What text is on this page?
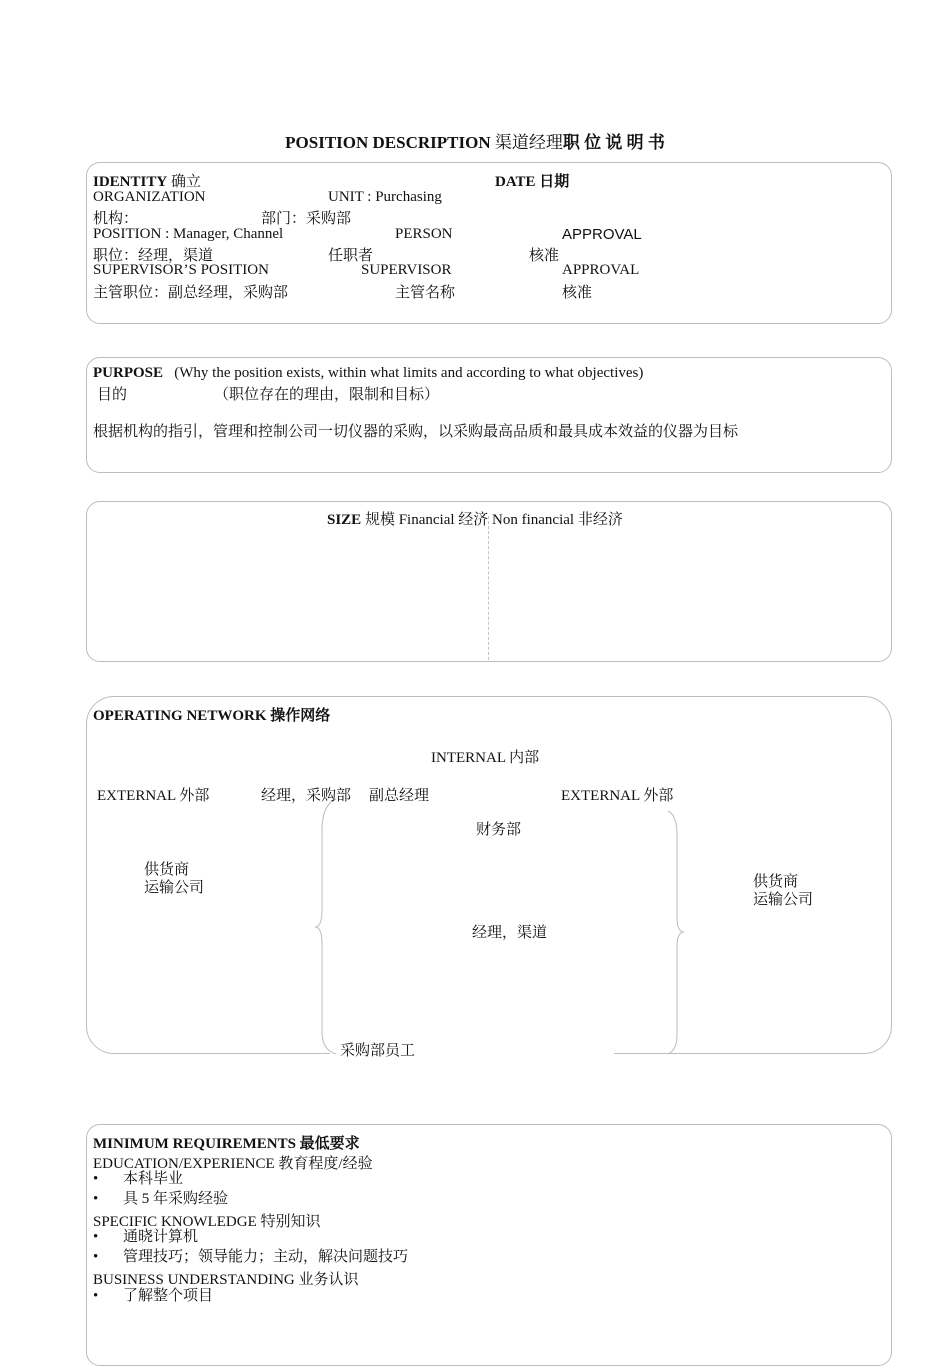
POSITION DESCRIPTION 渠道经理职 位 说 明 书
IDENTITY 确立	DATE 日期
ORGANIZATION	UNIT : Purchasing
机构：	部门：采购部
POSITION : Manager, Channel	PERSON	APPROVAL
职位：经理，渠道	任职者	核准
SUPERVISOR’S POSITION	SUPERVISOR	APPROVAL
主管职位：副总经理，采购部	主管名称	核准
PURPOSE (Why the position exists, within what limits and according to what objectives)
目的	（职位存在的理由，限制和目标）
根据机构的指引，管理和控制公司一切仪器的采购，以采购最高品质和最具成本效益的仪器为目标
SIZE 规模 Financial 经济 Non financial 非经济
OPERATING NETWORK 操作网络
INTERNAL 内部
EXTERNAL 外部	经理，采购部 副总经理	EXTERNAL 外部
财务部
供货商
运输公司	供货商
运输公司
经理，渠道
采购部员工
MINIMUM REQUIREMENTS 最低要求
EDUCATION/EXPERIENCE 教育程度/经验
• 本科毕业
• 具 5 年采购经验
SPECIFIC KNOWLEDGE 特别知识
• 通晓计算机
• 管理技巧；领导能力；主动，解决问题技巧
BUSINESS UNDERSTANDING 业务认识
• 了解整个项目
